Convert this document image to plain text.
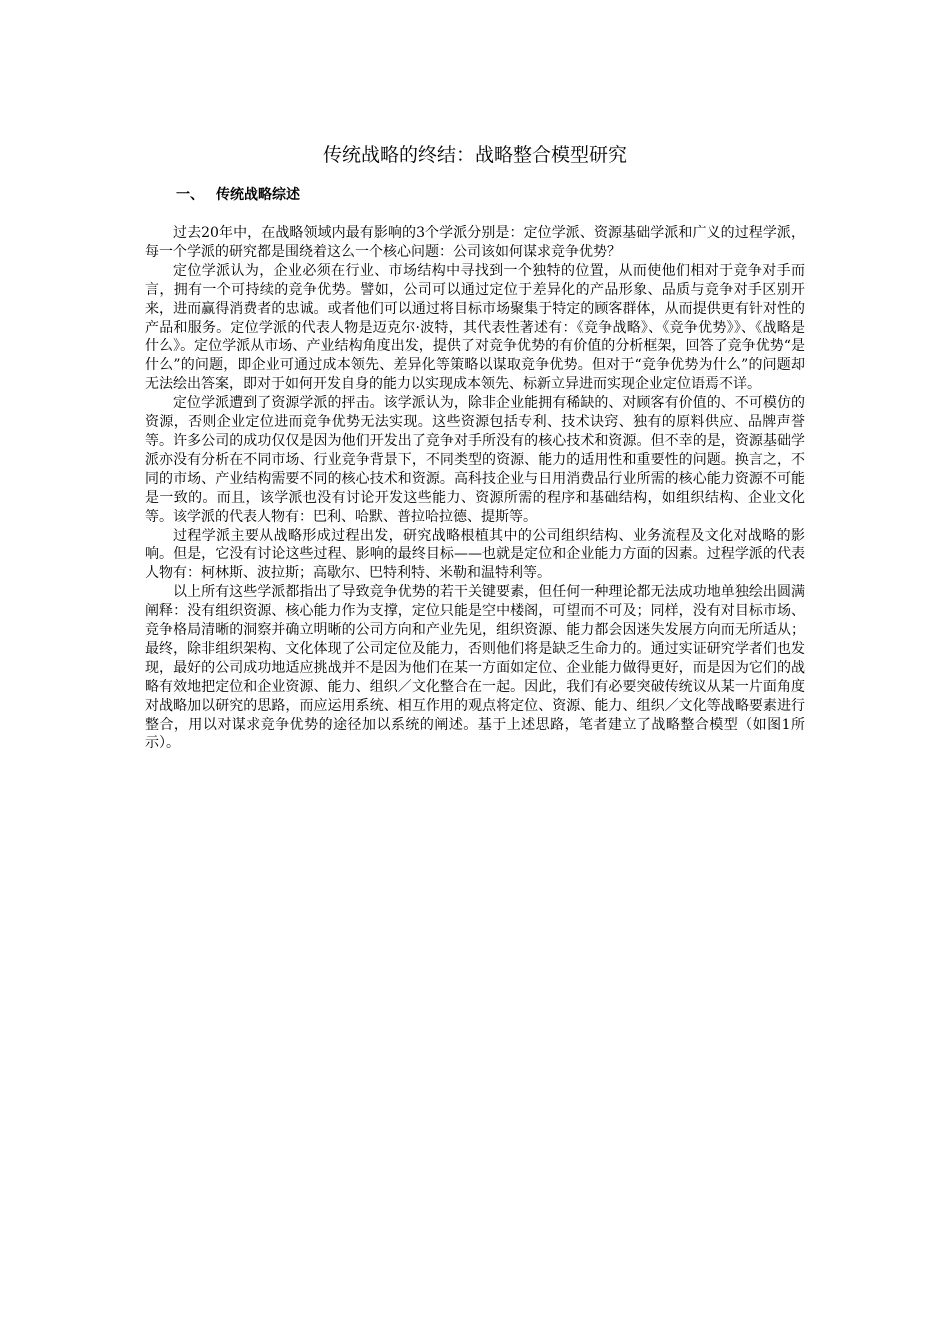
传统战略的终结：战略整合模型研究
一、 传统战略综述

过去20年中，在战略领域内最有影响的3个学派分别是：定位学派、资源基础学派和广义的过程学派，每一个学派的研究都是围绕着这么一个核心问题：公司该如何谋求竞争优势？

定位学派认为，企业必须在行业、市场结构中寻找到一个独特的位置，从而使他们相对于竞争对手而言，拥有一个可持续的竞争优势。譬如，公司可以通过定位于差异化的产品形象、品质与竞争对手区别开来，进而赢得消费者的忠诚。或者他们可以通过将目标市场聚集于特定的顾客群体，从而提供更有针对性的产品和服务。定位学派的代表人物是迈克尔·波特，其代表性著述有：《竞争战略》、《竞争优势》》、《战略是什么》。定位学派从市场、产业结构角度出发，提供了对竞争优势的有价值的分析框架，回答了竞争优势“是什么”的问题，即企业可通过成本领先、差异化等策略以谋取竞争优势。但对于“竞争优势为什么”的问题却无法绘出答案，即对于如何开发自身的能力以实现成本领先、标新立异进而实现企业定位语焉不详。

定位学派遭到了资源学派的抨击。该学派认为，除非企业能拥有稀缺的、对顾客有价值的、不可模仿的资源，否则企业定位进而竞争优势无法实现。这些资源包括专利、技术诀窍、独有的原料供应、品牌声誉等。许多公司的成功仅仅是因为他们开发出了竞争对手所没有的核心技术和资源。但不幸的是，资源基础学派亦没有分析在不同市场、行业竞争背景下，不同类型的资源、能力的适用性和重要性的问题。换言之，不同的市场、产业结构需要不同的核心技术和资源。高科技企业与日用消费品行业所需的核心能力资源不可能是一致的。而且，该学派也没有讨论开发这些能力、资源所需的程序和基础结构，如组织结构、企业文化等。该学派的代表人物有：巴利、哈默、普拉哈拉德、提斯等。

过程学派主要从战略形成过程出发，研究战略根植其中的公司组织结构、业务流程及文化对战略的影响。但是，它没有讨论这些过程、影响的最终目标——也就是定位和企业能力方面的因素。过程学派的代表人物有：柯林斯、波拉斯；高歇尔、巴特利特、米勒和温特利等。

以上所有这些学派都指出了导致竞争优势的若干关键要素，但任何一种理论都无法成功地单独绘出圆满阐释：没有组织资源、核心能力作为支撑，定位只能是空中楼阁，可望而不可及；同样，没有对目标市场、竞争格局清晰的洞察并确立明晰的公司方向和产业先见，组织资源、能力都会因迷失发展方向而无所适从；最终，除非组织架构、文化体现了公司定位及能力，否则他们将是缺乏生命力的。通过实证研究学者们也发现，最好的公司成功地适应挑战并不是因为他们在某一方面如定位、企业能力做得更好，而是因为它们的战略有效地把定位和企业资源、能力、组织／文化整合在一起。因此，我们有必要突破传统议从某一片面角度对战略加以研究的思路，而应运用系统、相互作用的观点将定位、资源、能力、组织／文化等战略要素进行整合，用以对谋求竞争优势的途径加以系统的阐述。基于上述思路，笔者建立了战略整合模型（如图1所示）。
